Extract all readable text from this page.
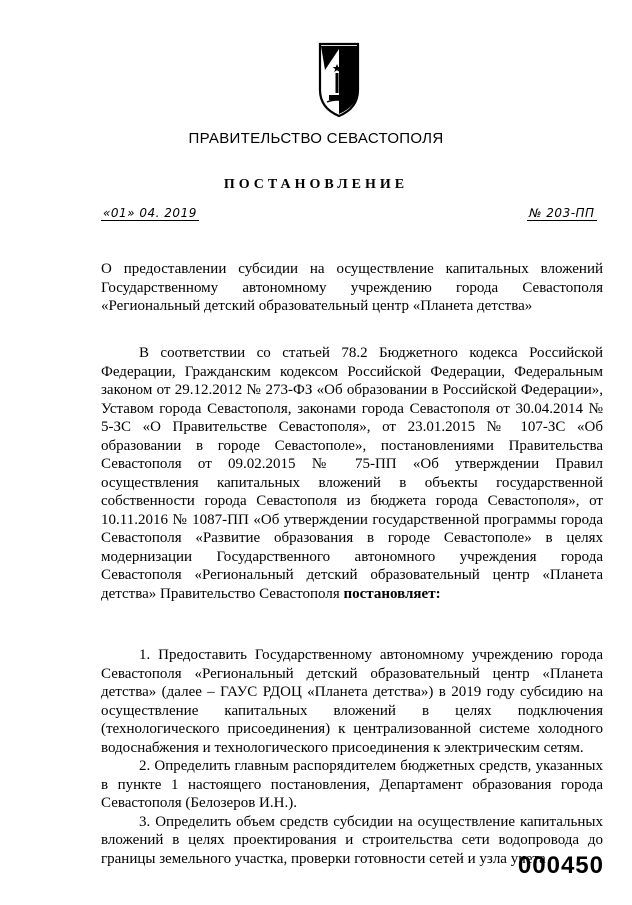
ПРАВИТЕЛЬСТВО СЕВАСТОПОЛЯ
ПОСТАНОВЛЕНИЕ
«01» 04. 2019	№ 203-ПП
О предоставлении субсидии на осуществление капитальных вложений Государственному автономному учреждению города Севастополя «Региональный детский образовательный центр «Планета детства»

В соответствии со статьей 78.2 Бюджетного кодекса Российской Федерации, Гражданским кодексом Российской Федерации, Федеральным законом от 29.12.2012 № 273-ФЗ «Об образовании в Российской Федерации», Уставом города Севастополя, законами города Севастополя от 30.04.2014 № 5-ЗС «О Правительстве Севастополя», от 23.01.2015 № 107-ЗС «Об образовании в городе Севастополе», постановлениями Правительства Севастополя от 09.02.2015 № 75-ПП «Об утверждении Правил осуществления капитальных вложений в объекты государственной собственности города Севастополя из бюджета города Севастополя», от 10.11.2016 № 1087-ПП «Об утверждении государственной программы города Севастополя «Развитие образования в городе Севастополе» в целях модернизации Государственного автономного учреждения города Севастополя «Региональный детский образовательный центр «Планета детства» Правительство Севастополя постановляет:

1. Предоставить Государственному автономному учреждению города Севастополя «Региональный детский образовательный центр «Планета детства» (далее – ГАУС РДОЦ «Планета детства») в 2019 году субсидию на осуществление капитальных вложений в целях подключения (технологического присоединения) к централизованной системе холодного водоснабжения и технологического присоединения к электрическим сетям.

2. Определить главным распорядителем бюджетных средств, указанных в пункте 1 настоящего постановления, Департамент образования города Севастополя (Белозеров И.Н.).

3. Определить объем средств субсидии на осуществление капитальных вложений в целях проектирования и строительства сети водопровода до границы земельного участка, проверки готовности сетей и узла учета

000450
